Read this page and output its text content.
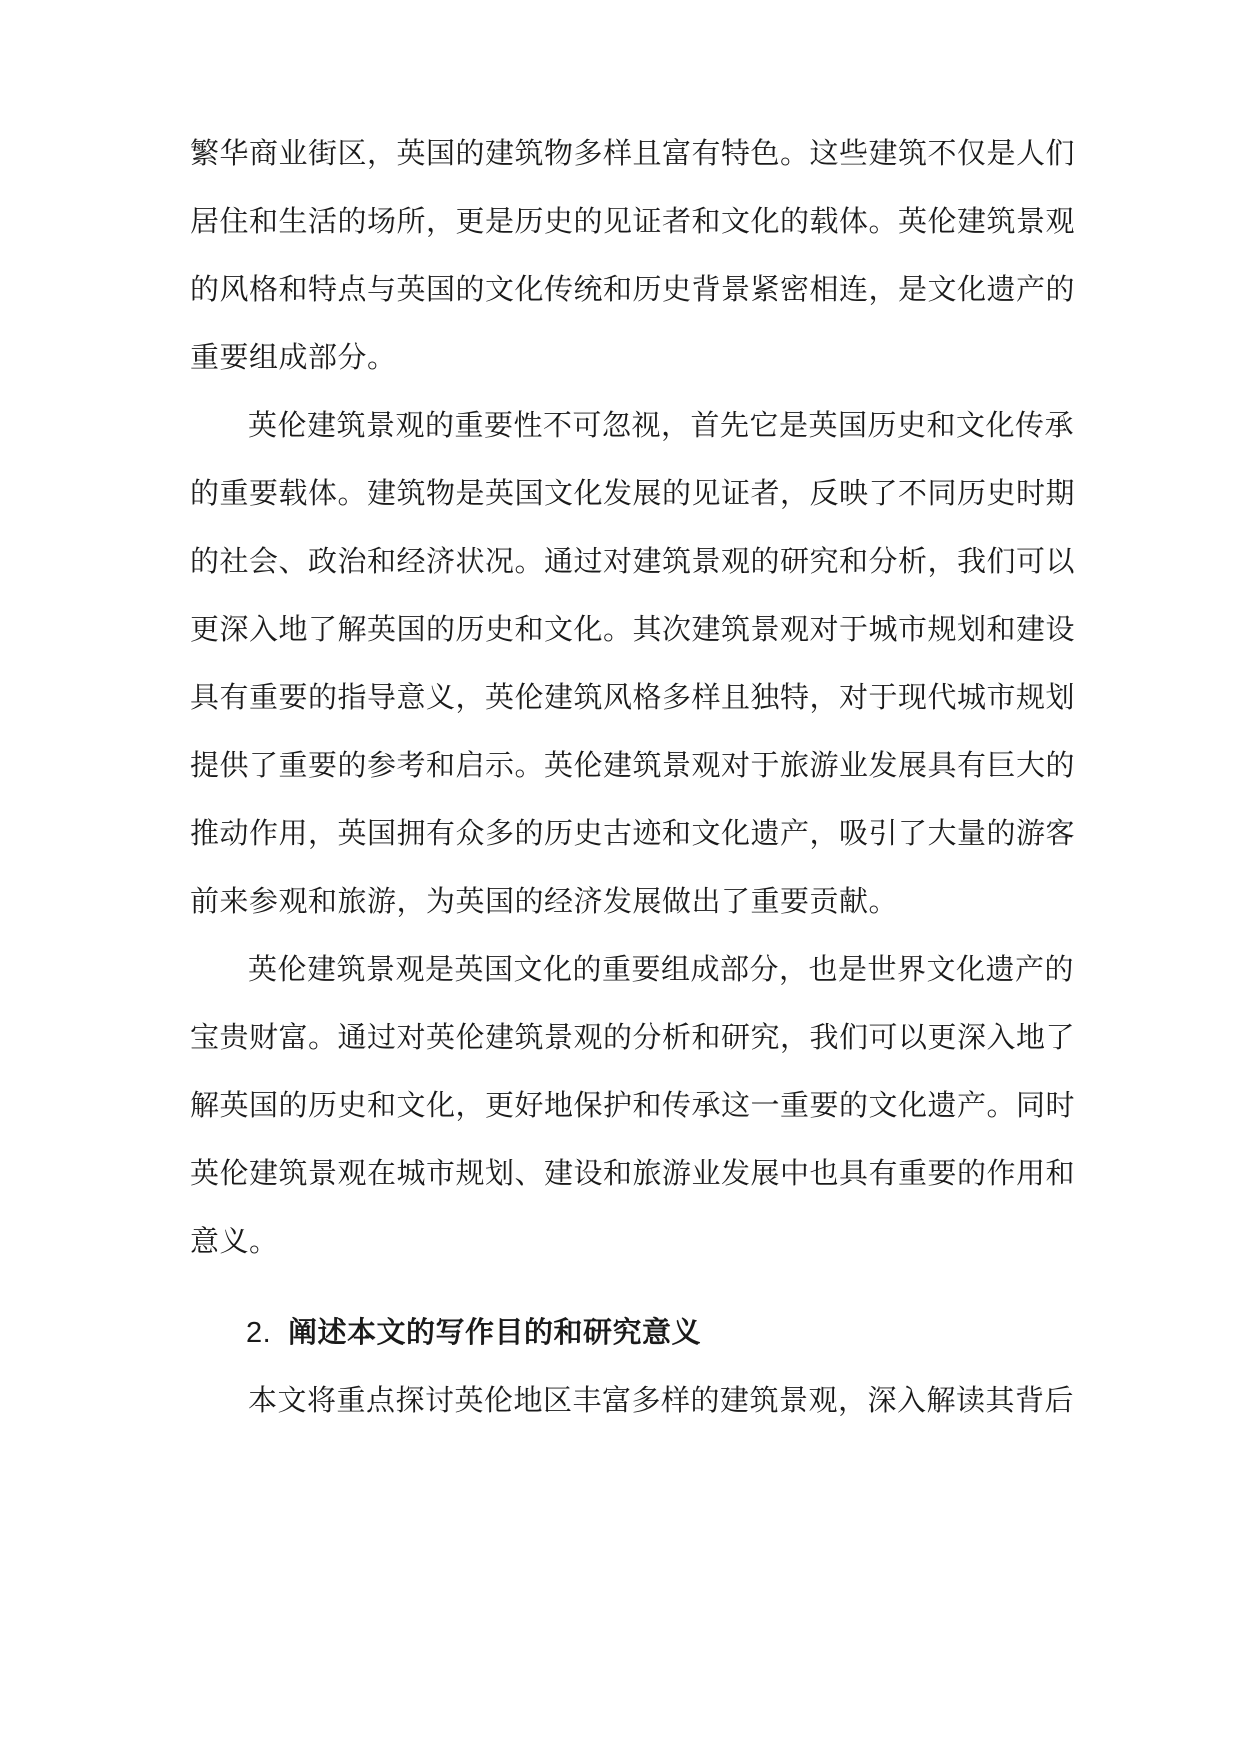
繁华商业街区，英国的建筑物多样且富有特色。这些建筑不仅是人们
居住和生活的场所，更是历史的见证者和文化的载体。英伦建筑景观
的风格和特点与英国的文化传统和历史背景紧密相连，是文化遗产的
重要组成部分。
英伦建筑景观的重要性不可忽视，首先它是英国历史和文化传承
的重要载体。建筑物是英国文化发展的见证者，反映了不同历史时期
的社会、政治和经济状况。通过对建筑景观的研究和分析，我们可以
更深入地了解英国的历史和文化。其次建筑景观对于城市规划和建设
具有重要的指导意义，英伦建筑风格多样且独特，对于现代城市规划
提供了重要的参考和启示。英伦建筑景观对于旅游业发展具有巨大的
推动作用，英国拥有众多的历史古迹和文化遗产，吸引了大量的游客
前来参观和旅游，为英国的经济发展做出了重要贡献。
英伦建筑景观是英国文化的重要组成部分，也是世界文化遗产的
宝贵财富。通过对英伦建筑景观的分析和研究，我们可以更深入地了
解英国的历史和文化，更好地保护和传承这一重要的文化遗产。同时
英伦建筑景观在城市规划、建设和旅游业发展中也具有重要的作用和
意义。
2. 阐述本文的写作目的和研究意义
本文将重点探讨英伦地区丰富多样的建筑景观，深入解读其背后
